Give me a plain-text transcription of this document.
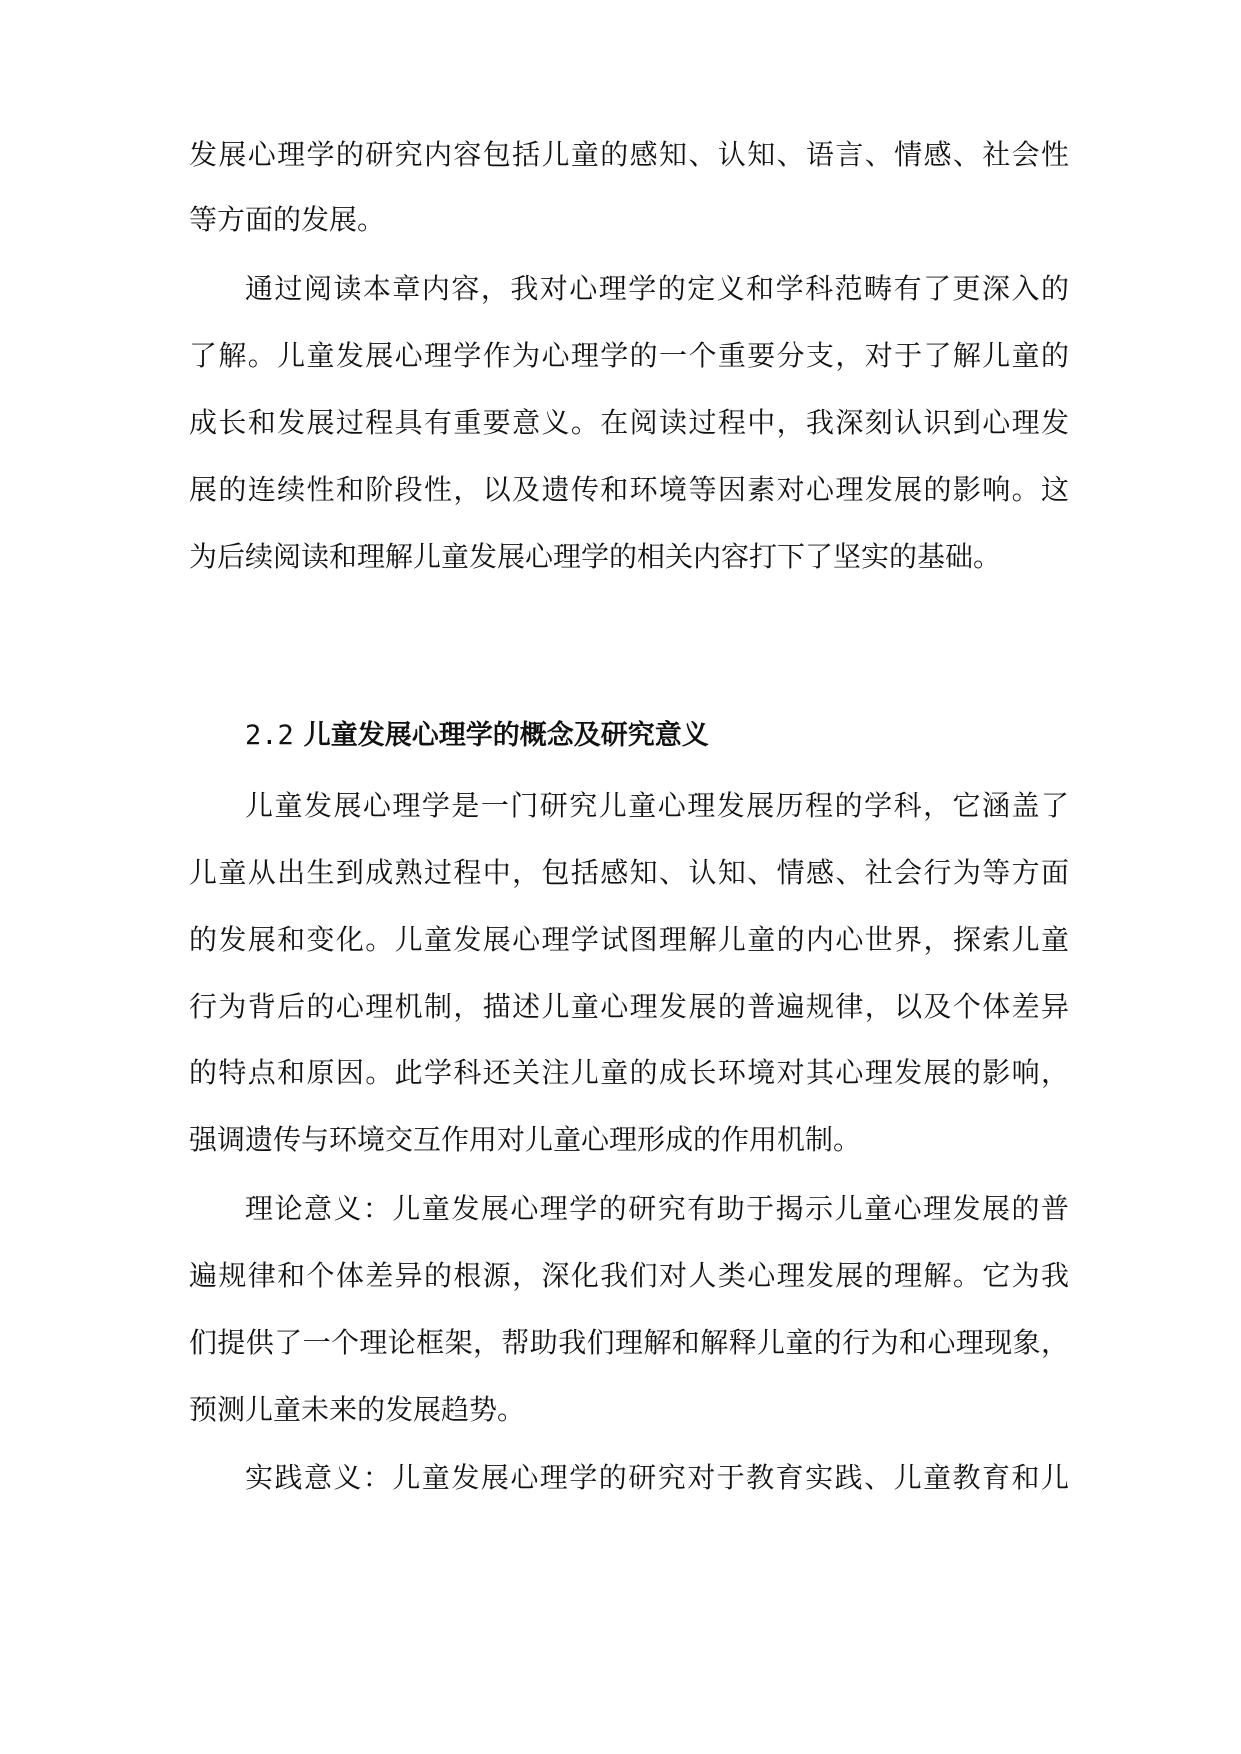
发展心理学的研究内容包括儿童的感知、认知、语言、情感、社会性

等方面的发展。

通过阅读本章内容，我对心理学的定义和学科范畴有了更深入的

了解。儿童发展心理学作为心理学的一个重要分支，对于了解儿童的

成长和发展过程具有重要意义。在阅读过程中，我深刻认识到心理发

展的连续性和阶段性，以及遗传和环境等因素对心理发展的影响。这

为后续阅读和理解儿童发展心理学的相关内容打下了坚实的基础。

2.2 儿童发展心理学的概念及研究意义

儿童发展心理学是一门研究儿童心理发展历程的学科，它涵盖了

儿童从出生到成熟过程中，包括感知、认知、情感、社会行为等方面

的发展和变化。儿童发展心理学试图理解儿童的内心世界，探索儿童

行为背后的心理机制，描述儿童心理发展的普遍规律，以及个体差异

的特点和原因。此学科还关注儿童的成长环境对其心理发展的影响，

强调遗传与环境交互作用对儿童心理形成的作用机制。

理论意义：儿童发展心理学的研究有助于揭示儿童心理发展的普

遍规律和个体差异的根源，深化我们对人类心理发展的理解。它为我

们提供了一个理论框架，帮助我们理解和解释儿童的行为和心理现象，

预测儿童未来的发展趋势。

实践意义：儿童发展心理学的研究对于教育实践、儿童教育和儿
